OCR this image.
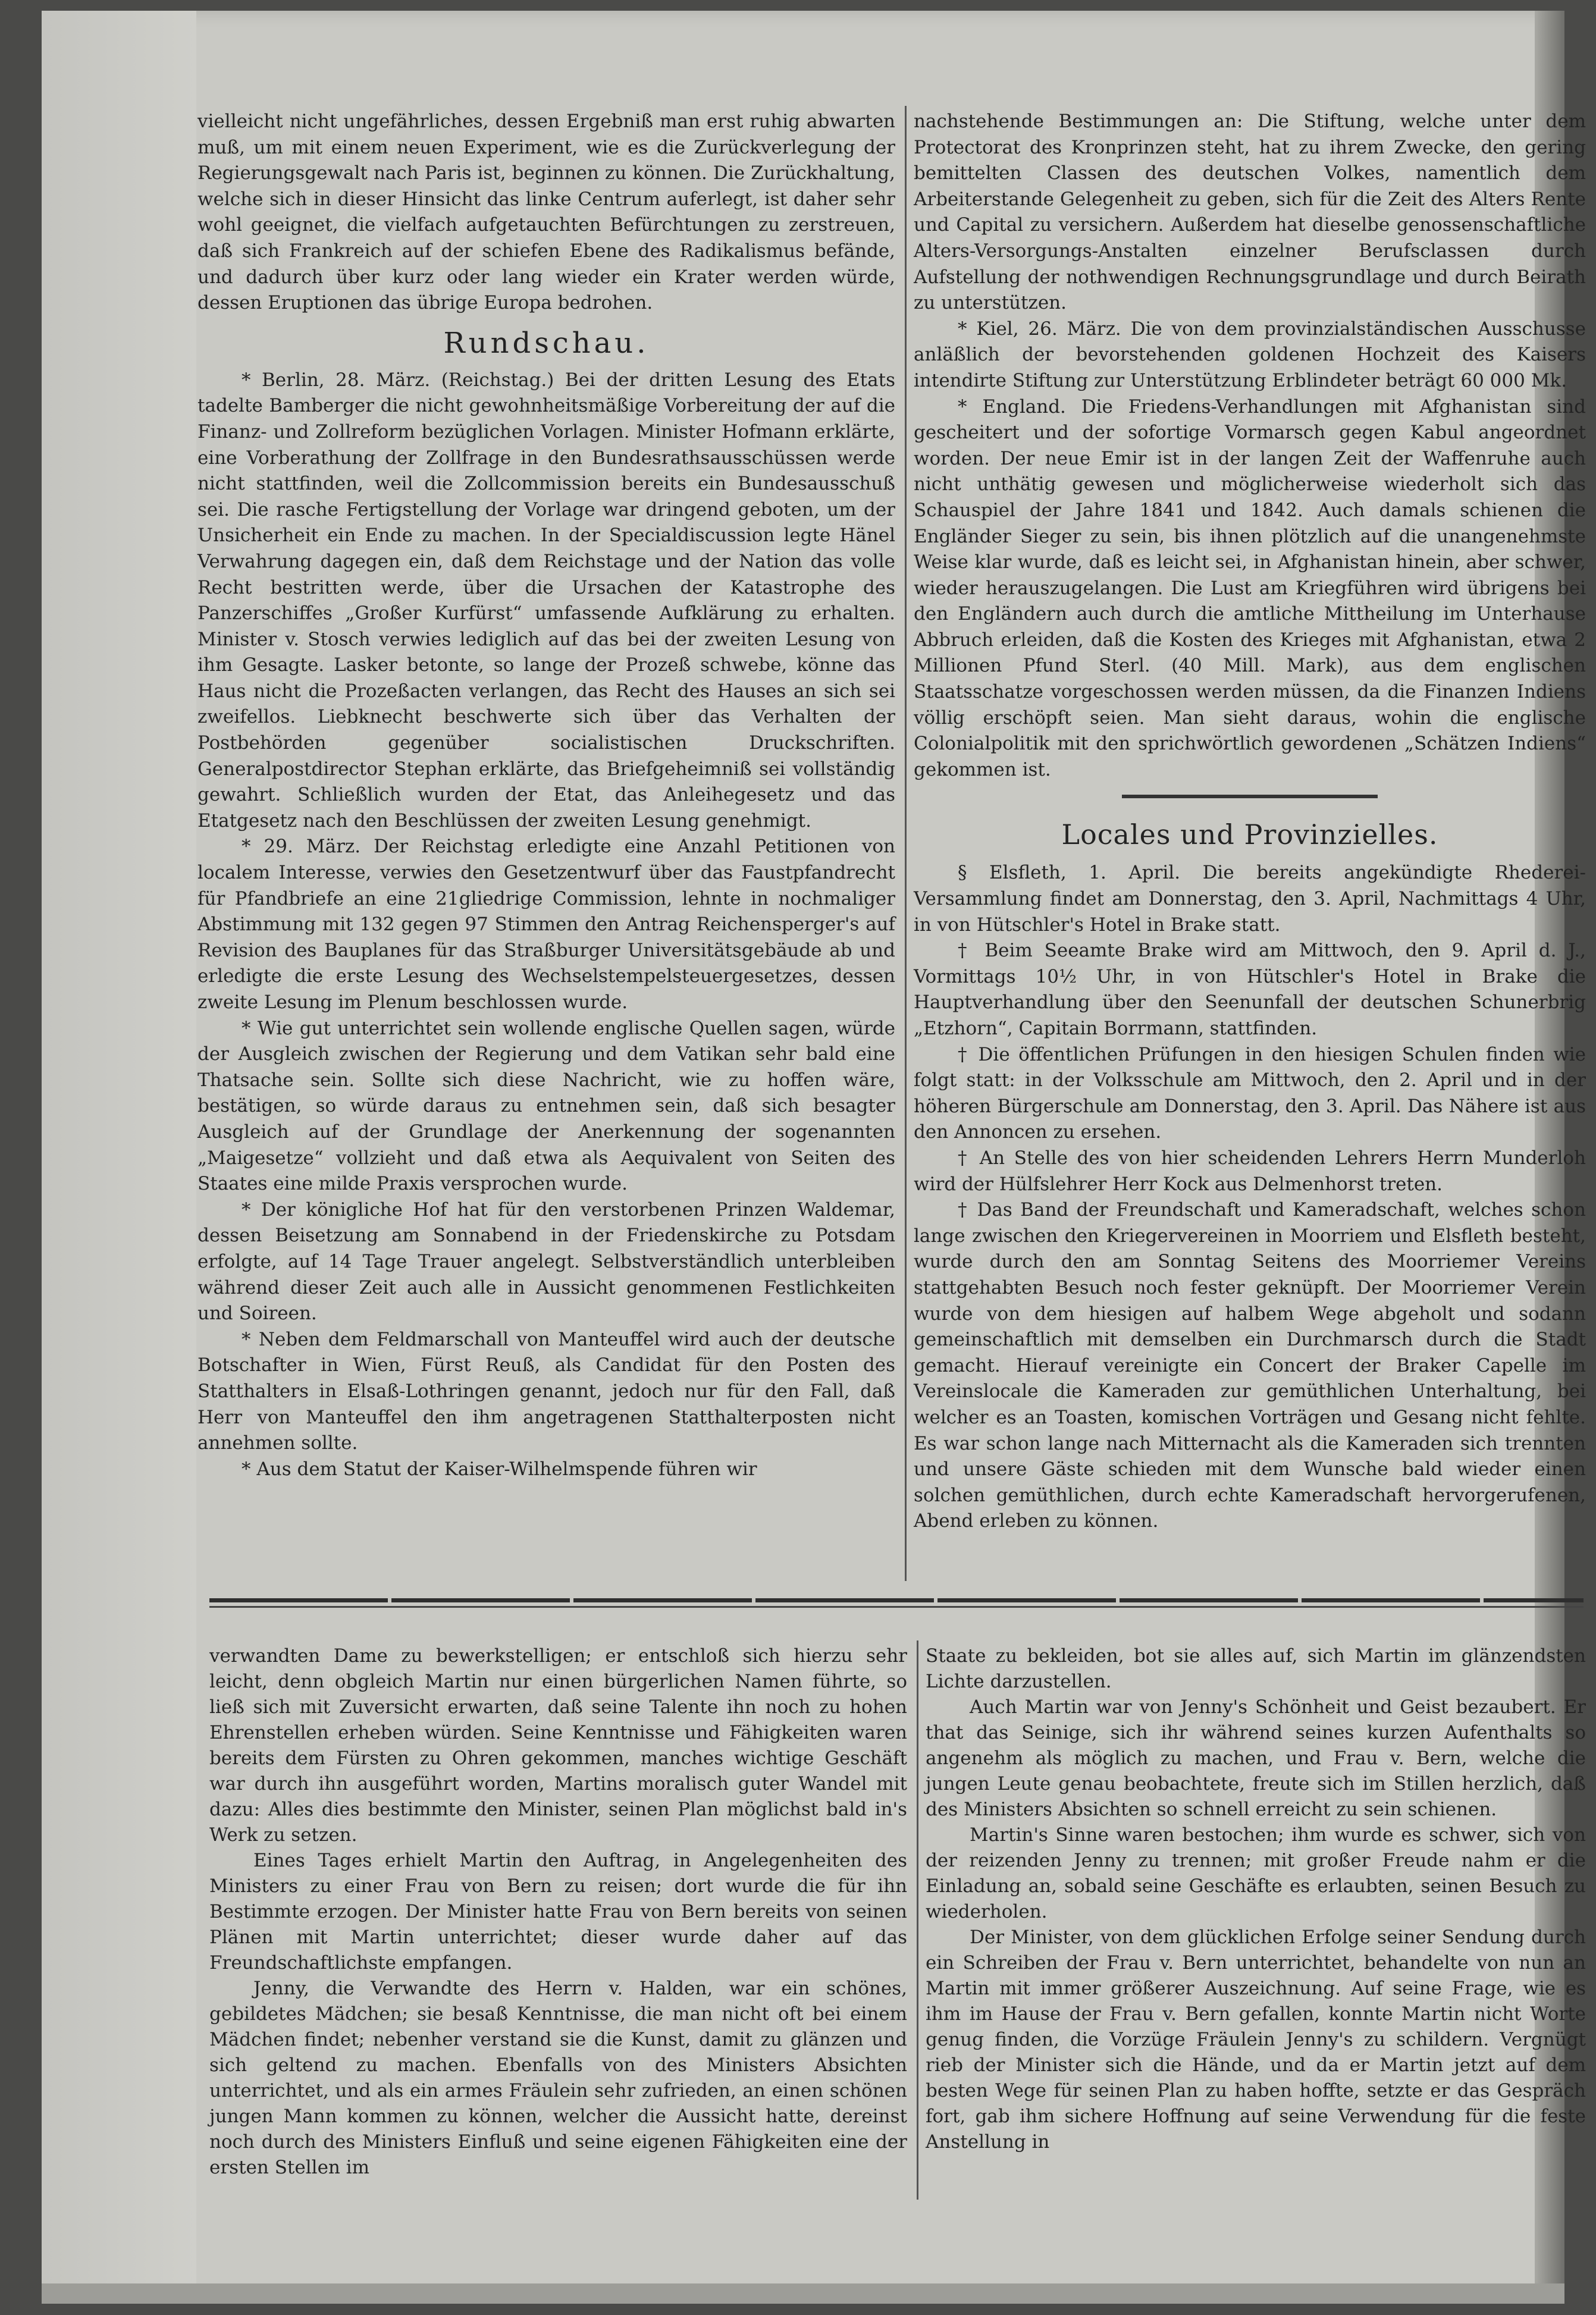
vielleicht nicht ungefährliches, dessen Ergebniß man erst ruhig abwarten muß, um mit einem neuen Experiment, wie es die Zurückverlegung der Regierungsgewalt nach Paris ist, beginnen zu können. Die Zurückhaltung, welche sich in dieser Hinsicht das linke Centrum auferlegt, ist daher sehr wohl geeignet, die vielfach aufgetauchten Befürchtungen zu zerstreuen, daß sich Frankreich auf der schiefen Ebene des Radikalismus befände, und dadurch über kurz oder lang wieder ein Krater werden würde, dessen Eruptionen das übrige Europa bedrohen.

Rundschau.

* Berlin, 28. März. (Reichstag.) Bei der dritten Lesung des Etats tadelte Bamberger die nicht gewohnheitsmäßige Vorbereitung der auf die Finanz- und Zollreform bezüglichen Vorlagen. Minister Hofmann erklärte, eine Vorberathung der Zollfrage in den Bundesrathsausschüssen werde nicht stattfinden, weil die Zollcommission bereits ein Bundesausschuß sei. Die rasche Fertigstellung der Vorlage war dringend geboten, um der Unsicherheit ein Ende zu machen. In der Specialdiscussion legte Hänel Verwahrung dagegen ein, daß dem Reichstage und der Nation das volle Recht bestritten werde, über die Ursachen der Katastrophe des Panzerschiffes „Großer Kurfürst“ umfassende Aufklärung zu erhalten. Minister v. Stosch verwies lediglich auf das bei der zweiten Lesung von ihm Gesagte. Lasker betonte, so lange der Prozeß schwebe, könne das Haus nicht die Prozeßacten verlangen, das Recht des Hauses an sich sei zweifellos. Liebknecht beschwerte sich über das Verhalten der Postbehörden gegenüber socialistischen Druckschriften. Generalpostdirector Stephan erklärte, das Briefgeheimniß sei vollständig gewahrt. Schließlich wurden der Etat, das Anleihegesetz und das Etatgesetz nach den Beschlüssen der zweiten Lesung genehmigt.

* 29. März. Der Reichstag erledigte eine Anzahl Petitionen von localem Interesse, verwies den Gesetzentwurf über das Faustpfandrecht für Pfandbriefe an eine 21gliedrige Commission, lehnte in nochmaliger Abstimmung mit 132 gegen 97 Stimmen den Antrag Reichensperger's auf Revision des Bauplanes für das Straßburger Universitätsgebäude ab und erledigte die erste Lesung des Wechselstempelsteuergesetzes, dessen zweite Lesung im Plenum beschlossen wurde.

* Wie gut unterrichtet sein wollende englische Quellen sagen, würde der Ausgleich zwischen der Regierung und dem Vatikan sehr bald eine Thatsache sein. Sollte sich diese Nachricht, wie zu hoffen wäre, bestätigen, so würde daraus zu entnehmen sein, daß sich besagter Ausgleich auf der Grundlage der Anerkennung der sogenannten „Maigesetze“ vollzieht und daß etwa als Aequivalent von Seiten des Staates eine milde Praxis versprochen wurde.

* Der königliche Hof hat für den verstorbenen Prinzen Waldemar, dessen Beisetzung am Sonnabend in der Friedenskirche zu Potsdam erfolgte, auf 14 Tage Trauer angelegt. Selbstverständlich unterbleiben während dieser Zeit auch alle in Aussicht genommenen Festlichkeiten und Soireen.

* Neben dem Feldmarschall von Manteuffel wird auch der deutsche Botschafter in Wien, Fürst Reuß, als Candidat für den Posten des Statthalters in Elsaß-Lothringen genannt, jedoch nur für den Fall, daß Herr von Manteuffel den ihm angetragenen Statthalterposten nicht annehmen sollte.

* Aus dem Statut der Kaiser-Wilhelmspende führen wir

nachstehende Bestimmungen an: Die Stiftung, welche unter dem Protectorat des Kronprinzen steht, hat zu ihrem Zwecke, den gering bemittelten Classen des deutschen Volkes, namentlich dem Arbeiterstande Gelegenheit zu geben, sich für die Zeit des Alters Rente und Capital zu versichern. Außerdem hat dieselbe genossenschaftliche Alters-Versorgungs-Anstalten einzelner Berufsclassen durch Aufstellung der nothwendigen Rechnungsgrundlage und durch Beirath zu unterstützen.

* Kiel, 26. März. Die von dem provinzialständischen Ausschusse anläßlich der bevorstehenden goldenen Hochzeit des Kaisers intendirte Stiftung zur Unterstützung Erblindeter beträgt 60 000 Mk.

* England. Die Friedens-Verhandlungen mit Afghanistan sind gescheitert und der sofortige Vormarsch gegen Kabul angeordnet worden. Der neue Emir ist in der langen Zeit der Waffenruhe auch nicht unthätig gewesen und möglicherweise wiederholt sich das Schauspiel der Jahre 1841 und 1842. Auch damals schienen die Engländer Sieger zu sein, bis ihnen plötzlich auf die unangenehmste Weise klar wurde, daß es leicht sei, in Afghanistan hinein, aber schwer, wieder herauszugelangen. Die Lust am Kriegführen wird übrigens bei den Engländern auch durch die amtliche Mittheilung im Unterhause Abbruch erleiden, daß die Kosten des Krieges mit Afghanistan, etwa 2 Millionen Pfund Sterl. (40 Mill. Mark), aus dem englischen Staatsschatze vorgeschossen werden müssen, da die Finanzen Indiens völlig erschöpft seien. Man sieht daraus, wohin die englische Colonialpolitik mit den sprichwörtlich gewordenen „Schätzen Indiens“ gekommen ist.

Locales und Provinzielles.

§ Elsfleth, 1. April. Die bereits angekündigte Rhederei-Versammlung findet am Donnerstag, den 3. April, Nachmittags 4 Uhr, in von Hütschler's Hotel in Brake statt.

† Beim Seeamte Brake wird am Mittwoch, den 9. April d. J., Vormittags 10½ Uhr, in von Hütschler's Hotel in Brake die Hauptverhandlung über den Seenunfall der deutschen Schunerbrig „Etzhorn“, Capitain Borrmann, stattfinden.

† Die öffentlichen Prüfungen in den hiesigen Schulen finden wie folgt statt: in der Volksschule am Mittwoch, den 2. April und in der höheren Bürgerschule am Donnerstag, den 3. April. Das Nähere ist aus den Annoncen zu ersehen.

† An Stelle des von hier scheidenden Lehrers Herrn Munderloh wird der Hülfslehrer Herr Kock aus Delmenhorst treten.

† Das Band der Freundschaft und Kameradschaft, welches schon lange zwischen den Kriegervereinen in Moorriem und Elsfleth besteht, wurde durch den am Sonntag Seitens des Moorriemer Vereins stattgehabten Besuch noch fester geknüpft. Der Moorriemer Verein wurde von dem hiesigen auf halbem Wege abgeholt und sodann gemeinschaftlich mit demselben ein Durchmarsch durch die Stadt gemacht. Hierauf vereinigte ein Concert der Braker Capelle im Vereinslocale die Kameraden zur gemüthlichen Unterhaltung, bei welcher es an Toasten, komischen Vorträgen und Gesang nicht fehlte. Es war schon lange nach Mitternacht als die Kameraden sich trennten und unsere Gäste schieden mit dem Wunsche bald wieder einen solchen gemüthlichen, durch echte Kameradschaft hervorgerufenen, Abend erleben zu können.

verwandten Dame zu bewerkstelligen; er entschloß sich hierzu sehr leicht, denn obgleich Martin nur einen bürgerlichen Namen führte, so ließ sich mit Zuversicht erwarten, daß seine Talente ihn noch zu hohen Ehrenstellen erheben würden. Seine Kenntnisse und Fähigkeiten waren bereits dem Fürsten zu Ohren gekommen, manches wichtige Geschäft war durch ihn ausgeführt worden, Martins moralisch guter Wandel mit dazu: Alles dies bestimmte den Minister, seinen Plan möglichst bald in's Werk zu setzen.

Eines Tages erhielt Martin den Auftrag, in Angelegenheiten des Ministers zu einer Frau von Bern zu reisen; dort wurde die für ihn Bestimmte erzogen. Der Minister hatte Frau von Bern bereits von seinen Plänen mit Martin unterrichtet; dieser wurde daher auf das Freundschaftlichste empfangen.

Jenny, die Verwandte des Herrn v. Halden, war ein schönes, gebildetes Mädchen; sie besaß Kenntnisse, die man nicht oft bei einem Mädchen findet; nebenher verstand sie die Kunst, damit zu glänzen und sich geltend zu machen. Ebenfalls von des Ministers Absichten unterrichtet, und als ein armes Fräulein sehr zufrieden, an einen schönen jungen Mann kommen zu können, welcher die Aussicht hatte, dereinst noch durch des Ministers Einfluß und seine eigenen Fähigkeiten eine der ersten Stellen im

Staate zu bekleiden, bot sie alles auf, sich Martin im glänzendsten Lichte darzustellen.

Auch Martin war von Jenny's Schönheit und Geist bezaubert. Er that das Seinige, sich ihr während seines kurzen Aufenthalts so angenehm als möglich zu machen, und Frau v. Bern, welche die jungen Leute genau beobachtete, freute sich im Stillen herzlich, daß des Ministers Absichten so schnell erreicht zu sein schienen.

Martin's Sinne waren bestochen; ihm wurde es schwer, sich von der reizenden Jenny zu trennen; mit großer Freude nahm er die Einladung an, sobald seine Geschäfte es erlaubten, seinen Besuch zu wiederholen.

Der Minister, von dem glücklichen Erfolge seiner Sendung durch ein Schreiben der Frau v. Bern unterrichtet, behandelte von nun an Martin mit immer größerer Auszeichnung. Auf seine Frage, wie es ihm im Hause der Frau v. Bern gefallen, konnte Martin nicht Worte genug finden, die Vorzüge Fräulein Jenny's zu schildern. Vergnügt rieb der Minister sich die Hände, und da er Martin jetzt auf dem besten Wege für seinen Plan zu haben hoffte, setzte er das Gespräch fort, gab ihm sichere Hoffnung auf seine Verwendung für die feste Anstellung in
